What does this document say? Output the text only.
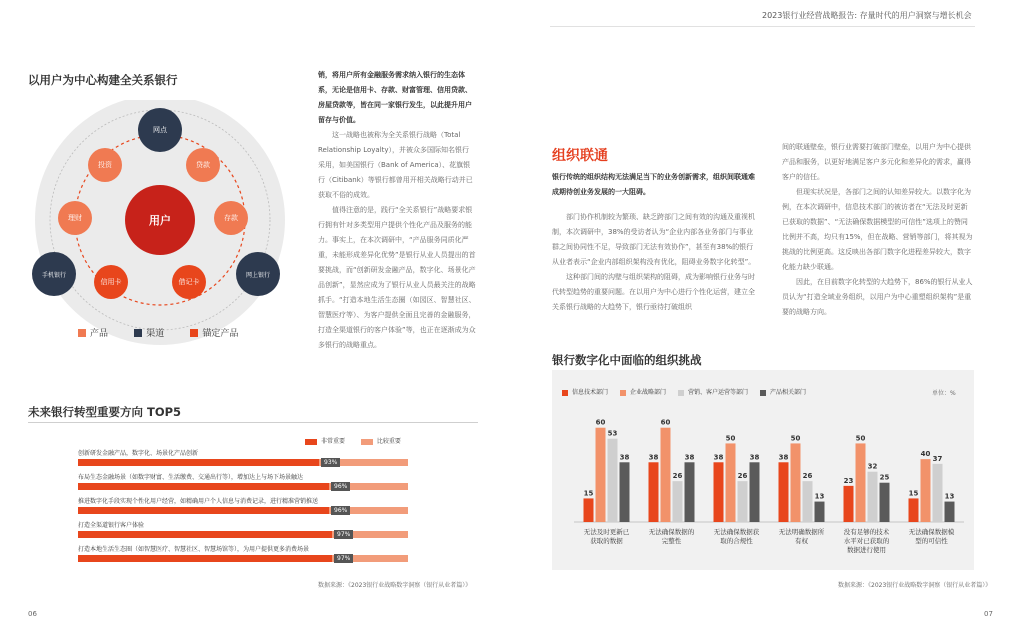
2023银行业经营战略报告: 存量时代的用户洞察与增长机会
以用户为中心构建全关系银行
用户
投资	贷款
存款
借记卡
信用卡
理财
网点
手机银行	网上银行
产品	渠道	锚定产品
销，将用户所有金融服务需求纳入银行的生态体系，无论是信用卡、存款、财富管理、信用贷款、房屋贷款等，皆在同一家银行发生，以此提升用户留存与价值。
这一战略也被称为全关系银行战略（Total Relationship Loyalty），并被众多国际知名银行采用，如美国银行（Bank of America）、花旗银行（Citibank）等银行都曾用开相关战略行动并已获取不俗的成效。
值得注意的是，践行“全关系银行”战略要求银行拥有针对多类型用户提供个性化产品及服务的能力。事实上，在本次调研中，“产品服务同质化严重，未能形成差异化优势”是银行从业人员提出的首要挑战，而“创新研发金融产品，数字化、场景化产品创新”，显然应成为了银行从业人员最关注的战略抓手。“打造本地生活生态圈（如园区、智慧社区、智慧医疗等）、为客户提供全面且完善的金融服务，打造全渠道银行的客户体验”等，也正在逐渐成为众多银行的战略重点。
未来银行转型重要方向 TOP5
非常重要	比较重要
创新研发金融产品，数字化、场景化产品创新
93%
布局生态金融场景（如数字财富、生活缴费、交通出行等），增加达上与场下场景触达
96%
推进数字化手段实现个性化用户经营，如精确用户个人信息与消费记录，进行精准营销推送
96%
打造全渠道银行客户体验
97%
打造本地生活生态圈（如智慧医疗、智慧社区、智慧场馆等），为用户提供更多消费场景
97%
数据来源：《2023银行业战略数字洞察（银行从业者篇）》
06
组织联通
银行传统的组织结构无法满足当下的业务创新需求，组织间联通难成期待创业务发展的一大阻碍。
部门协作机制较为繁琐、缺乏跨部门之间有效的沟通及重视机制，本次调研中，38%的受访者认为“企业内部各业务部门与事业群之间协同性不足，导致部门无法有效协作”，甚至有38%的银行从业者表示“企业内部组织架构没有优化，阻碍业务数字化转型”。
这种部门间的沟壁与组织架构的阻碍，成为影响银行业务与时代转型趋势的重要问题。在以用户为中心进行个性化运营，建立全关系银行战略的大趋势下，银行亟待打破组织
间的联通壁垒，银行业需要打破部门壁垒，以用户为中心提供产品和服务，以更好地满足客户多元化和差异化的需求，赢得客户的信任。
但现实状况是，各部门之间的认知差异较大。以数字化为例，在本次调研中，信息技术部门的被访者在“无法及时更新已获取的数据”、“无法确保数据模型的可信性”选项上的赞同比例并不高，均只有15%，但在战略、营销等部门，将其视为挑战的比例更高。这反映出各部门数字化进程差异较大，数字化能力缺少联通。
因此，在目前数字化转型的大趋势下，86%的银行从业人员认为“打造全域业务组织，以用户为中心重塑组织架构”是重要的战略方向。
银行数字化中面临的组织挑战
信息技术部门	企业战略部门	营销、客户运营等部门	产品相关部门	单位：%
15
60
53
38
无法及时更新已获取的数据
38
60
26
38
无法确保数据的完整性
38
50
26
38
无法确保数据获取的合规性
38
50
26
13
无法明确数据所有权
23
50
32
25
没有足够的技术水平对已获取的数据进行使用
15
40
37
13
无法确保数据模型的可信性
数据来源：《2023银行业战略数字洞察（银行从业者篇）》
07
